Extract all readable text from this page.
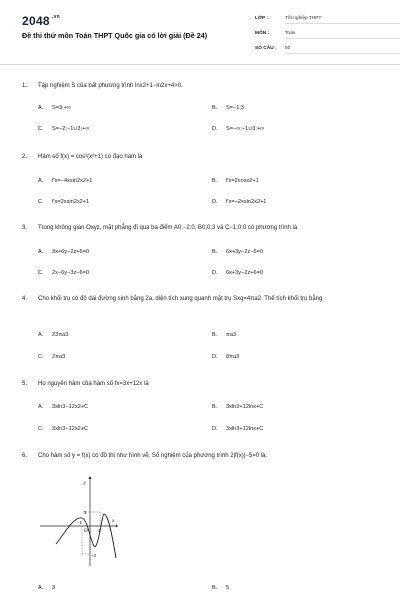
2048 $^{.vn}$
Đề thi thử môn Toán THPT Quốc gia có lời giải (Đề 24)
LỚP :	Tốt nghiệp THPT
MÔN :	Toán
SỐ CÂU :	50
1. Tập nghiệm S của bất phương trình lnx2+1−ln2x+4>0.
A. S=3;+∞	B. S=−1;3
C. S=−2;−1∪3;+∞	D. S=−∞;−1∪3;+∞
2. Hàm số f(x) = cos²(x²+1) có đạo hàm là
A. f'x=−4xsin2x2+1	B. f'x=2cosx2+1
C. f'x=2xsin2x2+1	D. f'x=−2xsin2x2+1
3. Trong không gian Oxyz, mặt phẳng đi qua ba điểm A0;−2;0, B0;0;3 và C−1;0;0 có phương trình là
A. 3x+6y−2z+6=0	B. 6x+3y−2z−6=0
C. 2x−6y−3z−6=0	D. 6x+3y−2z+6=0
4. Cho khối trụ có độ dài đường sinh bằng 2a, diện tích xung quanh mặt trụ Sxq=4πa2. Thể tích khối trụ bằng
A. 23πa3	B. πa3
C. 2πa3	D. 8πa3
5. Họ nguyên hàm của hàm số fx=3x+12x là
A. 3xln3−12x2+C	B. 3xln3+12lnx+C
C. 3xln3−12x2+C	D. 3xln3+12lnx+C
6. Cho hàm số y = f(x) có đồ thị như hình vẽ. Số nghiệm của phương trình 2|f(x)|−5=0 là:
y
x
O
3
−1
1
−3
A. 3	B. 5
